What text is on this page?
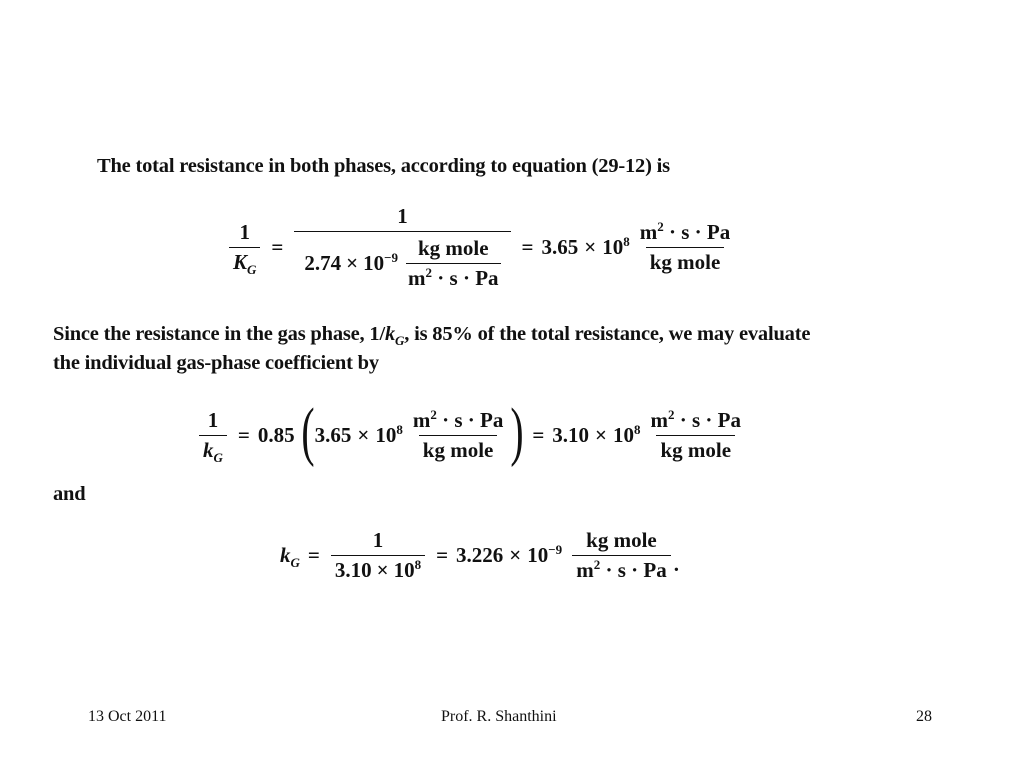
The total resistance in both phases, according to equation (29-12) is
$\frac{1}{K_G}$ =
1
$2.74 \times 10^{-9}$ kg mole
$m^2 \cdot s \cdot Pa$
= $3.65 \times 10^8 \frac{m^2 \cdot s \cdot Pa}{\text{kg mole}}$
Since the resistance in the gas phase, $1/k_G$, is 85% of the total resistance, we may evaluate
the individual gas-phase coefficient by
$\frac{1}{k_G} = 0.85$ ( $3.65 \times 10^8 \frac{m^2 \cdot s \cdot Pa}{\text{kg mole}}$ ) = $3.10 \times 10^8 \frac{m^2 \cdot s \cdot Pa}{\text{kg mole}}$
and
$k_G = \frac{1}{3.10 \times 10^8} = 3.226 \times 10^{-9} \frac{\text{kg mole}}{m^2 \cdot s \cdot Pa}$ .
13 Oct 2011	Prof. R. Shanthini	28
